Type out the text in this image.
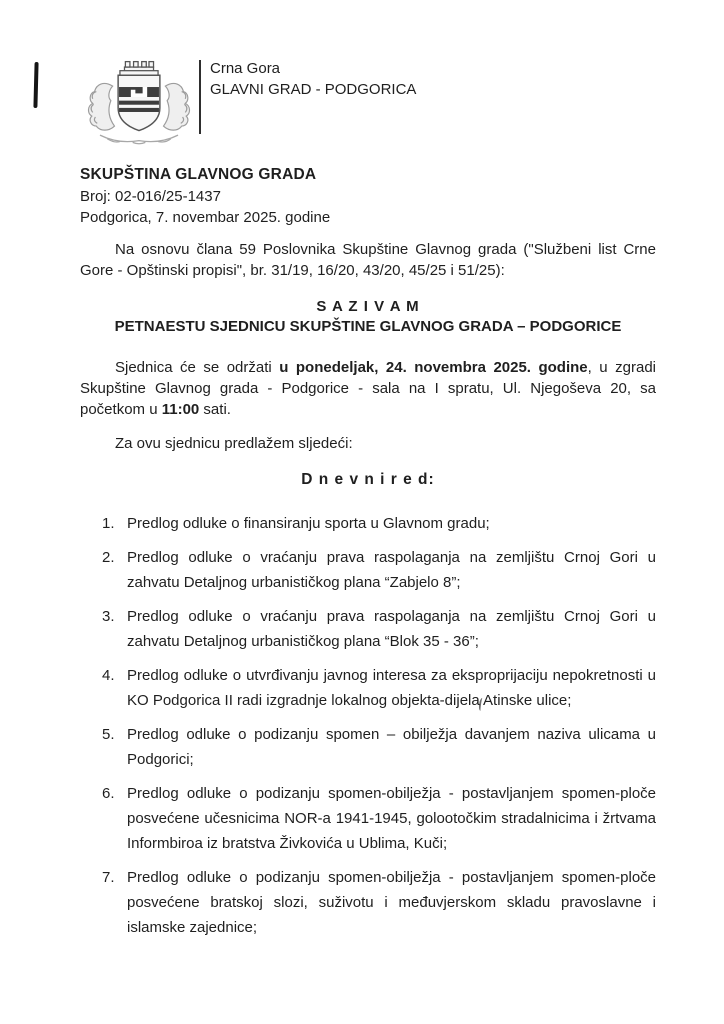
Crna Gora
GLAVNI GRAD - PODGORICA
SKUPŠTINA GLAVNOG GRADA
Broj: 02-016/25-1437
Podgorica, 7. novembar 2025. godine

Na osnovu člana 59 Poslovnika Skupštine Glavnog grada ("Službeni list Crne Gore - Opštinski propisi", br. 31/19, 16/20, 43/20, 45/25 i 51/25):

S A Z I V A M
PETNAESTU SJEDNICU SKUPŠTINE GLAVNOG GRADA – PODGORICE

Sjednica će se održati u ponedeljak, 24. novembra 2025. godine, u zgradi Skupštine Glavnog grada - Podgorice - sala na I spratu, Ul. Njegoševa 20, sa početkom u 11:00 sati.

Za ovu sjednicu predlažem sljedeći:

D n e v n i r e d:
1. Predlog odluke o finansiranju sporta u Glavnom gradu;
2. Predlog odluke o vraćanju prava raspolaganja na zemljištu Crnoj Gori u zahvatu Detaljnog urbanističkog plana “Zabjelo 8”;
3. Predlog odluke o vraćanju prava raspolaganja na zemljištu Crnoj Gori u zahvatu Detaljnog urbanističkog plana “Blok 35 - 36”;
4. Predlog odluke o utvrđivanju javnog interesa za eksproprijaciju nepokretnosti u KO Podgorica II radi izgradnje lokalnog objekta-dijela Atinske ulice;
5. Predlog odluke o podizanju spomen – obilježja davanjem naziva ulicama u Podgorici;
6. Predlog odluke o podizanju spomen-obilježja - postavljanjem spomen-ploče posvećene učesnicima NOR-a 1941-1945, golootočkim stradalnicima i žrtvama Informbiroa iz bratstva Živkovića u Ublima, Kuči;
7. Predlog odluke o podizanju spomen-obilježja - postavljanjem spomen-ploče posvećene bratskoj slozi, suživotu i međuvjerskom skladu pravoslavne i islamske zajednice;
